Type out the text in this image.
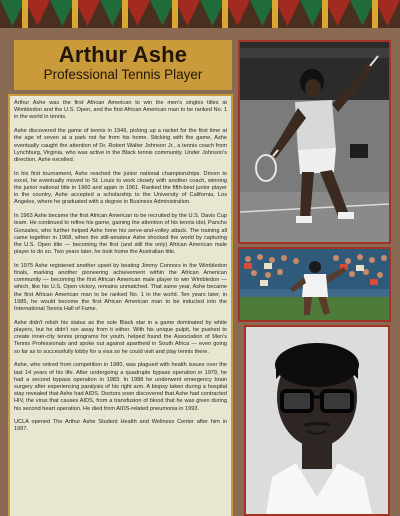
Arthur Ashe
Professional Tennis Player

Arthur Ashe was the first African American to win the men's singles titles at Wimbledon and the U.S. Open, and the first African American man to be ranked No. 1 in the world in tennis.

Ashe discovered the game of tennis in 1949, picking up a racket for the first time at the age of seven at a park not far from his home. Sticking with the game, Ashe eventually caught the attention of Dr. Robert Walter Johnson Jr., a tennis coach from Lynchburg, Virginia, who was active in the Black tennis community. Under Johnson's direction, Ashe excelled.

In his first tournament, Ashe reached the junior national championships. Driven to excel, he eventually moved to St. Louis to work closely with another coach, winning the junior national title in 1960 and again in 1961. Ranked the fifth-best junior player in the country, Ashe accepted a scholarship to the University of California, Los Angeles, where he graduated with a degree in Business Administration.

In 1963 Ashe became the first African American to be recruited by the U.S. Davis Cup team. He continued to refine his game, gaining the attention of his tennis idol, Pancho Gonzales, who further helped Ashe hone his serve-and-volley attack. The training all came together in 1968, when the still-amateur Ashe shocked the world by capturing the U.S. Open title — becoming the first (and still the only) African American male player to do so. Two years later, he took home the Australian title.

In 1975 Ashe registered another upset by beating Jimmy Connors in the Wimbledon finals, marking another pioneering achievement within the African American community — becoming the first African American male player to win Wimbledon — which, like his U.S. Open victory, remains unmatched. That same year, Ashe became the first African American man to be ranked No. 1 in the world. Ten years later, in 1985, he would become the first African American man to be inducted into the International Tennis Hall of Fame.

Ashe didn't relish his status as the sole Black star in a game dominated by white players, but he didn't run away from it either. With his unique pulpit, he pushed to create inner-city tennis programs for youth, helped found the Association of Men's Tennis Professionals and spoke out against apartheid in South Africa — even going so far as to successfully lobby for a visa so he could visit and play tennis there.

Ashe, who retired from competition in 1980, was plagued with health issues over the last 14 years of his life. After undergoing a quadruple bypass operation in 1979, he had a second bypass operation in 1983. In 1988 he underwent emergency brain surgery after experiencing paralysis of his right arm. A biopsy taken during a hospital stay revealed that Ashe had AIDS. Doctors soon discovered that Ashe had contracted HIV, the virus that causes AIDS, from a transfusion of blood that he was given during his second heart operation. He died from AIDS-related pneumonia in 1993.

UCLA opened The Arthur Ashe Student Health and Wellness Center after him in 1997.
